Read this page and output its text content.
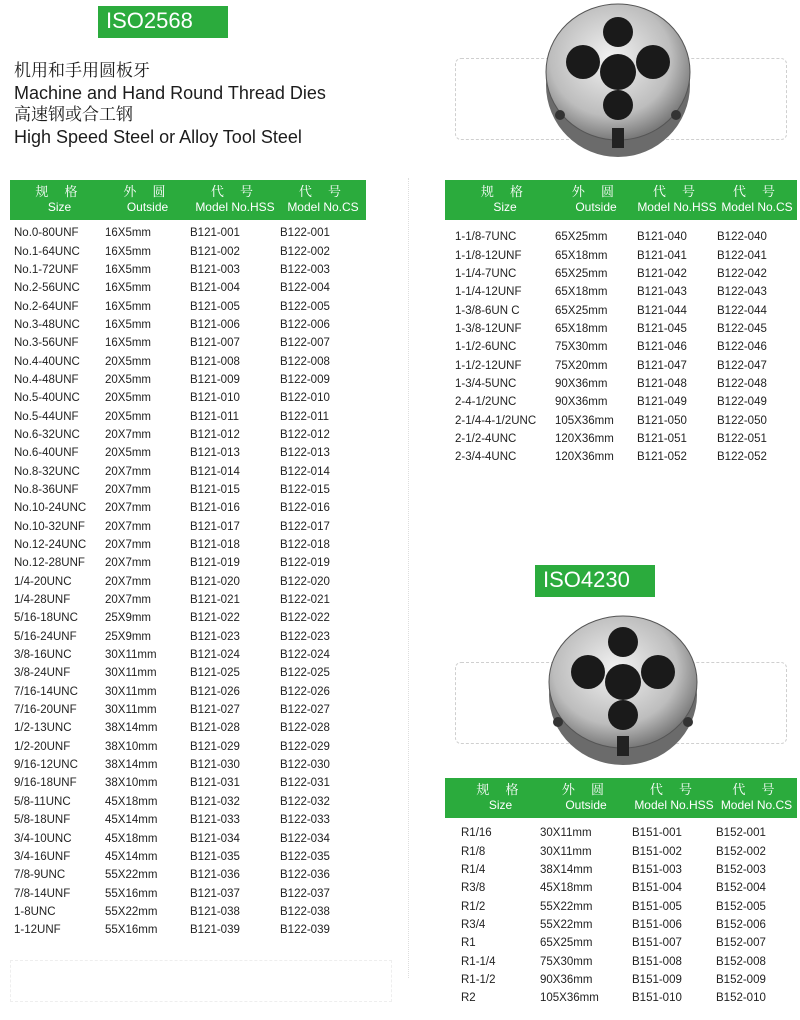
ISO2568
机用和手用圆板牙
Machine and Hand Round Thread Dies
高速钢或合工钢
High Speed Steel or Alloy Tool Steel
规 格
Size
外 圆
Outside
代 号
Model No.HSS
代 号
Model No.CS
No.0-80UNF	16X5mm	B121-001	B122-001
No.1-64UNC	16X5mm	B121-002	B122-002
No.1-72UNF	16X5mm	B121-003	B122-003
No.2-56UNC	16X5mm	B121-004	B122-004
No.2-64UNF	16X5mm	B121-005	B122-005
No.3-48UNC	16X5mm	B121-006	B122-006
No.3-56UNF	16X5mm	B121-007	B122-007
No.4-40UNC	20X5mm	B121-008	B122-008
No.4-48UNF	20X5mm	B121-009	B122-009
No.5-40UNC	20X5mm	B121-010	B122-010
No.5-44UNF	20X5mm	B121-011	B122-011
No.6-32UNC	20X7mm	B121-012	B122-012
No.6-40UNF	20X5mm	B121-013	B122-013
No.8-32UNC	20X7mm	B121-014	B122-014
No.8-36UNF	20X7mm	B121-015	B122-015
No.10-24UNC	20X7mm	B121-016	B122-016
No.10-32UNF	20X7mm	B121-017	B122-017
No.12-24UNC	20X7mm	B121-018	B122-018
No.12-28UNF	20X7mm	B121-019	B122-019
1/4-20UNC	20X7mm	B121-020	B122-020
1/4-28UNF	20X7mm	B121-021	B122-021
5/16-18UNC	25X9mm	B121-022	B122-022
5/16-24UNF	25X9mm	B121-023	B122-023
3/8-16UNC	30X11mm	B121-024	B122-024
3/8-24UNF	30X11mm	B121-025	B122-025
7/16-14UNC	30X11mm	B121-026	B122-026
7/16-20UNF	30X11mm	B121-027	B122-027
1/2-13UNC	38X14mm	B121-028	B122-028
1/2-20UNF	38X10mm	B121-029	B122-029
9/16-12UNC	38X14mm	B121-030	B122-030
9/16-18UNF	38X10mm	B121-031	B122-031
5/8-11UNC	45X18mm	B121-032	B122-032
5/8-18UNF	45X14mm	B121-033	B122-033
3/4-10UNC	45X18mm	B121-034	B122-034
3/4-16UNF	45X14mm	B121-035	B122-035
7/8-9UNC	55X22mm	B121-036	B122-036
7/8-14UNF	55X16mm	B121-037	B122-037
1-8UNC	55X22mm	B121-038	B122-038
1-12UNF	55X16mm	B121-039	B122-039
规 格
Size
外 圆
Outside
代 号
Model No.HSS
代 号
Model No.CS
1-1/8-7UNC	65X25mm	B121-040	B122-040
1-1/8-12UNF	65X18mm	B121-041	B122-041
1-1/4-7UNC	65X25mm	B121-042	B122-042
1-1/4-12UNF	65X18mm	B121-043	B122-043
1-3/8-6UN C	65X25mm	B121-044	B122-044
1-3/8-12UNF	65X18mm	B121-045	B122-045
1-1/2-6UNC	75X30mm	B121-046	B122-046
1-1/2-12UNF	75X20mm	B121-047	B122-047
1-3/4-5UNC	90X36mm	B121-048	B122-048
2-4-1/2UNC	90X36mm	B121-049	B122-049
2-1/4-4-1/2UNC	105X36mm	B121-050	B122-050
2-1/2-4UNC	120X36mm	B121-051	B122-051
2-3/4-4UNC	120X36mm	B121-052	B122-052
ISO4230
规 格
Size
外 圆
Outside
代 号
Model No.HSS
代 号
Model No.CS
R1/16	30X11mm	B151-001	B152-001
R1/8	30X11mm	B151-002	B152-002
R1/4	38X14mm	B151-003	B152-003
R3/8	45X18mm	B151-004	B152-004
R1/2	55X22mm	B151-005	B152-005
R3/4	55X22mm	B151-006	B152-006
R1	65X25mm	B151-007	B152-007
R1-1/4	75X30mm	B151-008	B152-008
R1-1/2	90X36mm	B151-009	B152-009
R2	105X36mm	B151-010	B152-010
